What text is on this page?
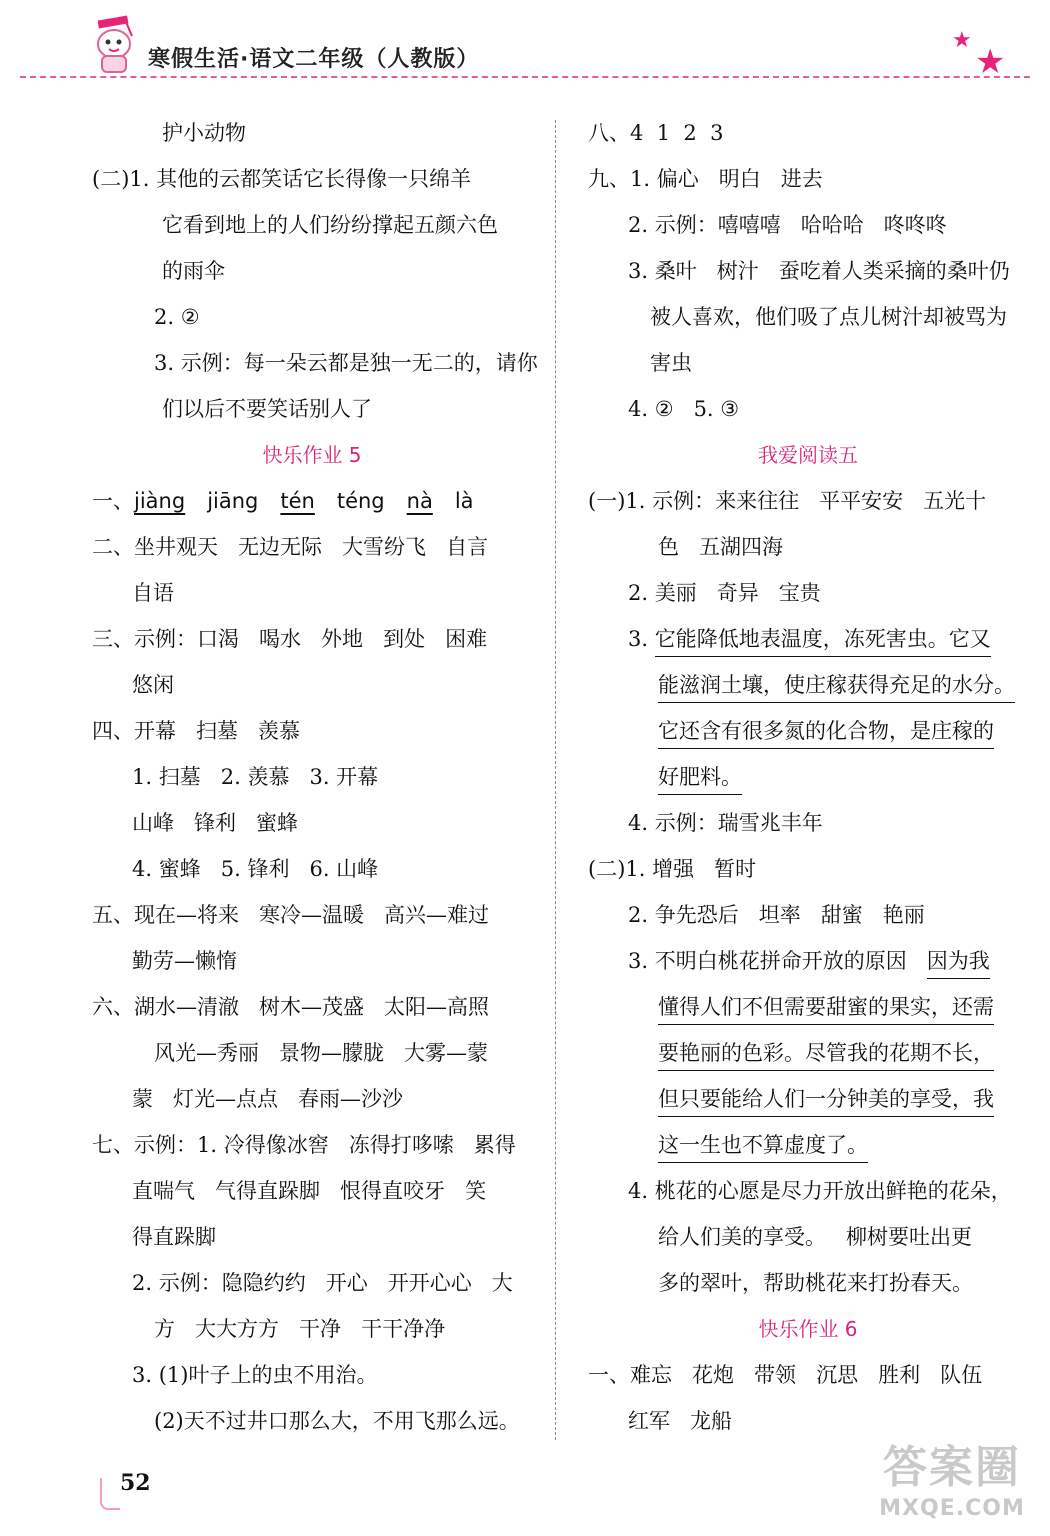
寒假生活·语文二年级（人教版）
★
★
护小动物
(二)1. 其他的云都笑话它长得像一只绵羊
它看到地上的人们纷纷撑起五颜六色
的雨伞
2. ②
3. 示例：每一朵云都是独一无二的，请你
们以后不要笑话别人了
快乐作业 5
一、jiàng jiāng tén téng nà là
二、坐井观天   无边无际   大雪纷飞   自言
自语
三、示例：口渴   喝水   外地   到处   困难
悠闲
四、开幕   扫墓   羡慕
1. 扫墓   2. 羡慕   3. 开幕
山峰   锋利   蜜蜂
4. 蜜蜂   5. 锋利   6. 山峰
五、现在—将来   寒冷—温暖   高兴—难过
勤劳—懒惰
六、湖水—清澈   树木—茂盛   太阳—高照
风光—秀丽   景物—朦胧   大雾—蒙
蒙   灯光—点点   春雨—沙沙
七、示例：1. 冷得像冰窖   冻得打哆嗦   累得
直喘气   气得直跺脚   恨得直咬牙   笑
得直跺脚
2. 示例：隐隐约约   开心   开开心心   大
方   大大方方   干净   干干净净
3. (1)叶子上的虫不用治。
(2)天不过井口那么大，不用飞那么远。
八、4  1  2  3
九、1. 偏心   明白   进去
2. 示例：嘻嘻嘻   哈哈哈   咚咚咚
3. 桑叶   树汁   蚕吃着人类采摘的桑叶仍
被人喜欢，他们吸了点儿树汁却被骂为
害虫
4. ②   5. ③
我爱阅读五
(一)1. 示例：来来往往   平平安安   五光十
色   五湖四海
2. 美丽   奇异   宝贵
3. 它能降低地表温度，冻死害虫。它又
能滋润土壤，使庄稼获得充足的水分。
它还含有很多氮的化合物，是庄稼的
好肥料。
4. 示例：瑞雪兆丰年
(二)1. 增强   暂时
2. 争先恐后   坦率   甜蜜   艳丽
3. 不明白桃花拼命开放的原因   因为我
懂得人们不但需要甜蜜的果实，还需
要艳丽的色彩。尽管我的花期不长，
但只要能给人们一分钟美的享受，我
这一生也不算虚度了。
4. 桃花的心愿是尽力开放出鲜艳的花朵，
给人们美的享受。   柳树要吐出更
多的翠叶，帮助桃花来打扮春天。
快乐作业 6
一、难忘   花炮   带领   沉思   胜利   队伍
红军   龙船
52	答案圈
MXQE.COM
